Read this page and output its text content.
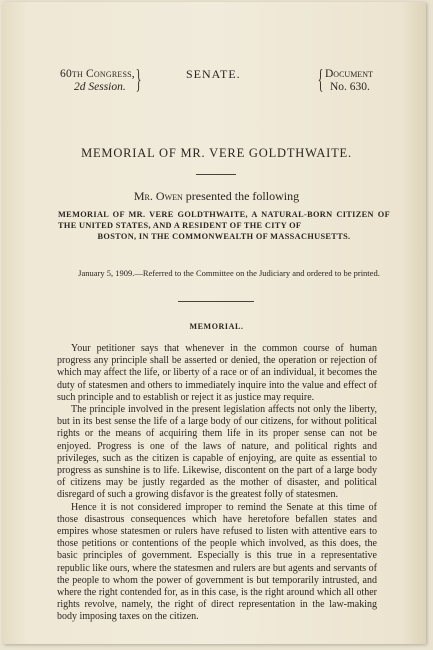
60th Congress,
2d Session. }	SENATE.	{ Document
No. 630.
MEMORIAL OF MR. VERE GOLDTHWAITE.
Mr. Owen presented the following
MEMORIAL OF MR. VERE GOLDTHWAITE, A NATURAL-BORN CITIZEN OF THE UNITED STATES, AND A RESIDENT OF THE CITY OF
BOSTON, IN THE COMMONWEALTH OF MASSACHUSETTS.
January 5, 1909.—Referred to the Committee on the Judiciary and ordered to be printed.
MEMORIAL.

Your petitioner says that whenever in the common course of human progress any principle shall be asserted or denied, the operation or rejection of which may affect the life, or liberty of a race or of an individual, it becomes the duty of statesmen and others to immediately inquire into the value and effect of such principle and to establish or reject it as justice may require.

The principle involved in the present legislation affects not only the liberty, but in its best sense the life of a large body of our citizens, for without political rights or the means of acquiring them life in its proper sense can not be enjoyed. Progress is one of the laws of nature, and political rights and privileges, such as the citizen is capable of enjoying, are quite as essential to progress as sunshine is to life. Likewise, discontent on the part of a large body of citizens may be justly regarded as the mother of disaster, and political disregard of such a growing disfavor is the greatest folly of statesmen.

Hence it is not considered improper to remind the Senate at this time of those disastrous consequences which have heretofore befallen states and empires whose statesmen or rulers have refused to listen with attentive ears to those petitions or contentions of the people which involved, as this does, the basic principles of government. Especially is this true in a representative republic like ours, where the statesmen and rulers are but agents and servants of the people to whom the power of government is but temporarily intrusted, and where the right contended for, as in this case, is the right around which all other rights revolve, namely, the right of direct representation in the law-making body imposing taxes on the citizen.
